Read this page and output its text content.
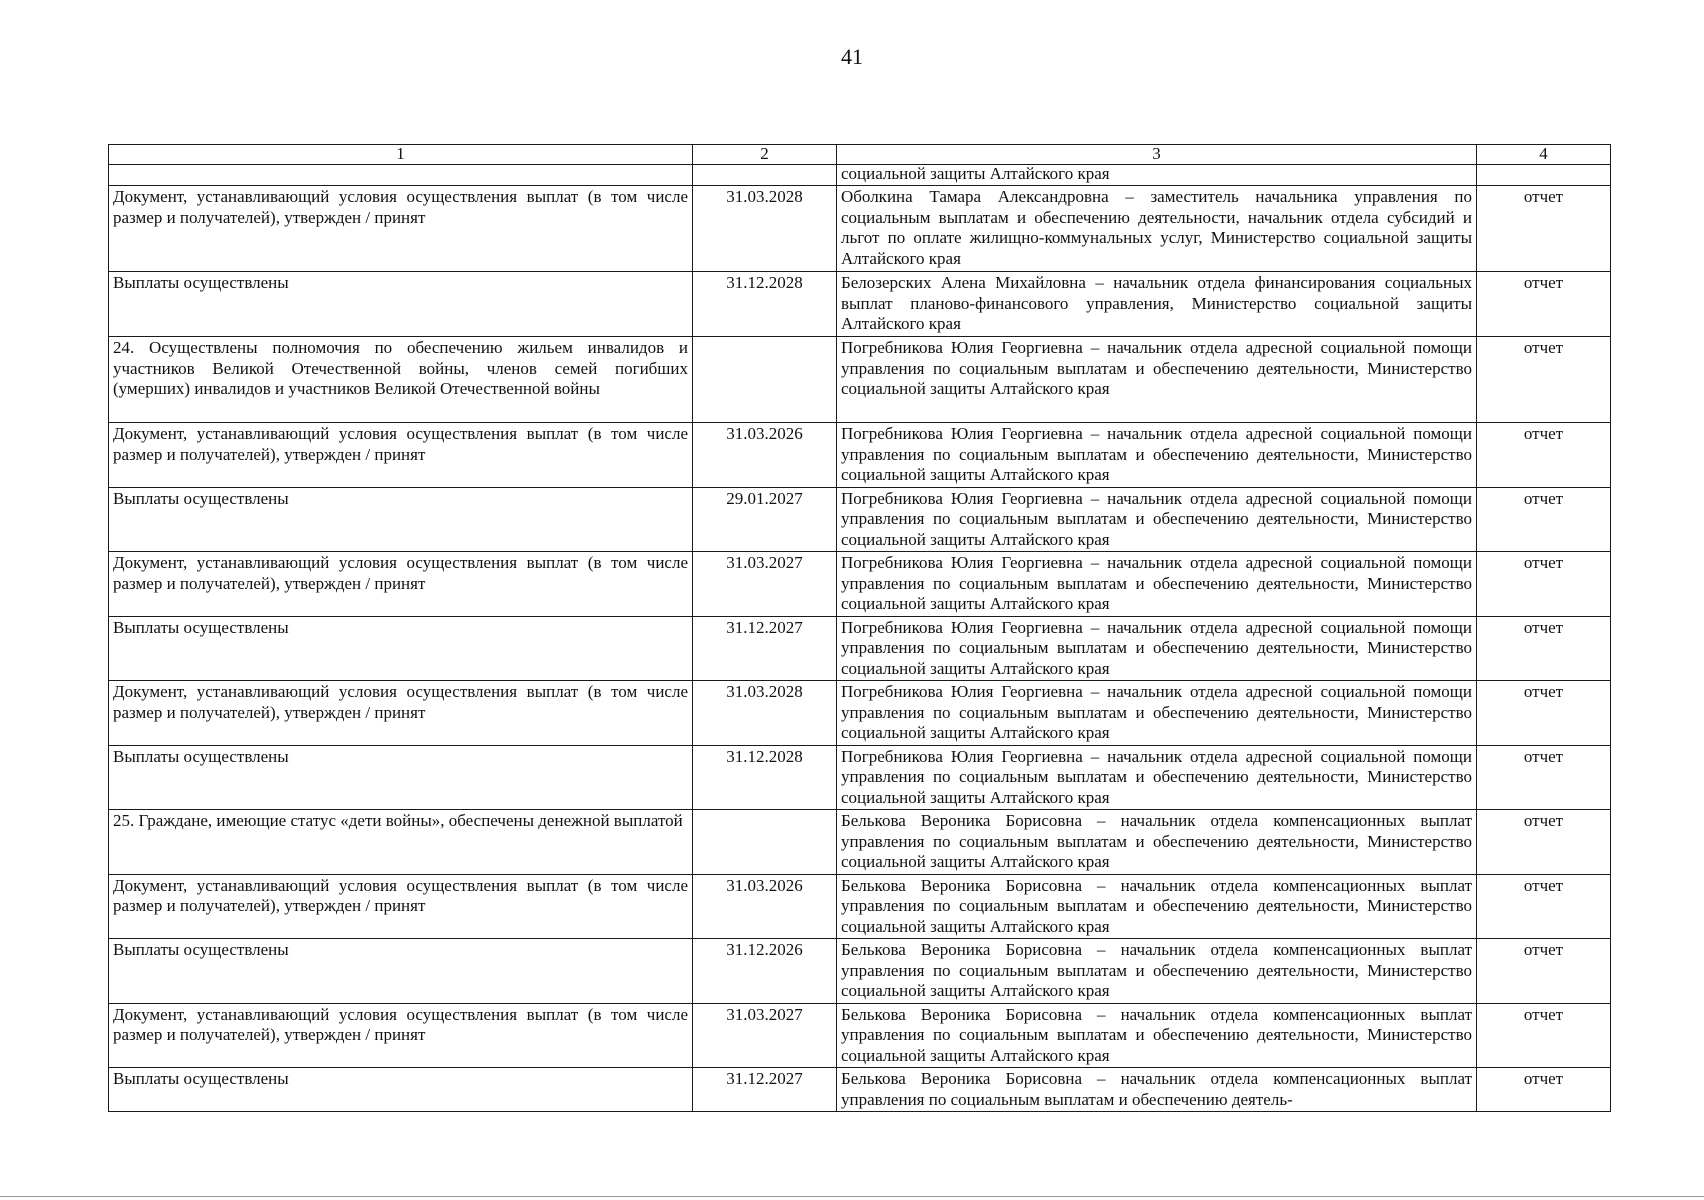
41
1	2	3	4
		социальной защиты Алтайского края	
Документ, устанавливающий условия осуществления выплат (в том числе размер и получателей), утвержден / принят	31.03.2028	Оболкина Тамара Александровна – заместитель начальника управления по социальным выплатам и обеспечению деятельности, начальник отдела субсидий и льгот по оплате жилищно-коммунальных услуг, Министерство социальной защиты Алтайского края	отчет
Выплаты осуществлены	31.12.2028	Белозерских Алена Михайловна – начальник отдела финансирования социальных выплат планово-финансового управления, Министерство социальной защиты Алтайского края	отчет
24. Осуществлены полномочия по обеспечению жильем инвалидов и участников Великой Отечественной войны, членов семей погибших (умерших) инвалидов и участников Великой Отечественной войны		Погребникова Юлия Георгиевна – начальник отдела адресной социальной помощи управления по социальным выплатам и обеспечению деятельности, Министерство социальной защиты Алтайского края	отчет
Документ, устанавливающий условия осуществления выплат (в том числе размер и получателей), утвержден / принят	31.03.2026	Погребникова Юлия Георгиевна – начальник отдела адресной социальной помощи управления по социальным выплатам и обеспечению деятельности, Министерство социальной защиты Алтайского края	отчет
Выплаты осуществлены	29.01.2027	Погребникова Юлия Георгиевна – начальник отдела адресной социальной помощи управления по социальным выплатам и обеспечению деятельности, Министерство социальной защиты Алтайского края	отчет
Документ, устанавливающий условия осуществления выплат (в том числе размер и получателей), утвержден / принят	31.03.2027	Погребникова Юлия Георгиевна – начальник отдела адресной социальной помощи управления по социальным выплатам и обеспечению деятельности, Министерство социальной защиты Алтайского края	отчет
Выплаты осуществлены	31.12.2027	Погребникова Юлия Георгиевна – начальник отдела адресной социальной помощи управления по социальным выплатам и обеспечению деятельности, Министерство социальной защиты Алтайского края	отчет
Документ, устанавливающий условия осуществления выплат (в том числе размер и получателей), утвержден / принят	31.03.2028	Погребникова Юлия Георгиевна – начальник отдела адресной социальной помощи управления по социальным выплатам и обеспечению деятельности, Министерство социальной защиты Алтайского края	отчет
Выплаты осуществлены	31.12.2028	Погребникова Юлия Георгиевна – начальник отдела адресной социальной помощи управления по социальным выплатам и обеспечению деятельности, Министерство социальной защиты Алтайского края	отчет
25. Граждане, имеющие статус «дети войны», обеспечены денежной выплатой		Белькова Вероника Борисовна – начальник отдела компенсационных выплат управления по социальным выплатам и обеспечению деятельности, Министерство социальной защиты Алтайского края	отчет
Документ, устанавливающий условия осуществления выплат (в том числе размер и получателей), утвержден / принят	31.03.2026	Белькова Вероника Борисовна – начальник отдела компенсационных выплат управления по социальным выплатам и обеспечению деятельности, Министерство социальной защиты Алтайского края	отчет
Выплаты осуществлены	31.12.2026	Белькова Вероника Борисовна – начальник отдела компенсационных выплат управления по социальным выплатам и обеспечению деятельности, Министерство социальной защиты Алтайского края	отчет
Документ, устанавливающий условия осуществления выплат (в том числе размер и получателей), утвержден / принят	31.03.2027	Белькова Вероника Борисовна – начальник отдела компенсационных выплат управления по социальным выплатам и обеспечению деятельности, Министерство социальной защиты Алтайского края	отчет
Выплаты осуществлены	31.12.2027	Белькова Вероника Борисовна – начальник отдела компенсационных выплат управления по социальным выплатам и обеспечению деятель-	отчет
